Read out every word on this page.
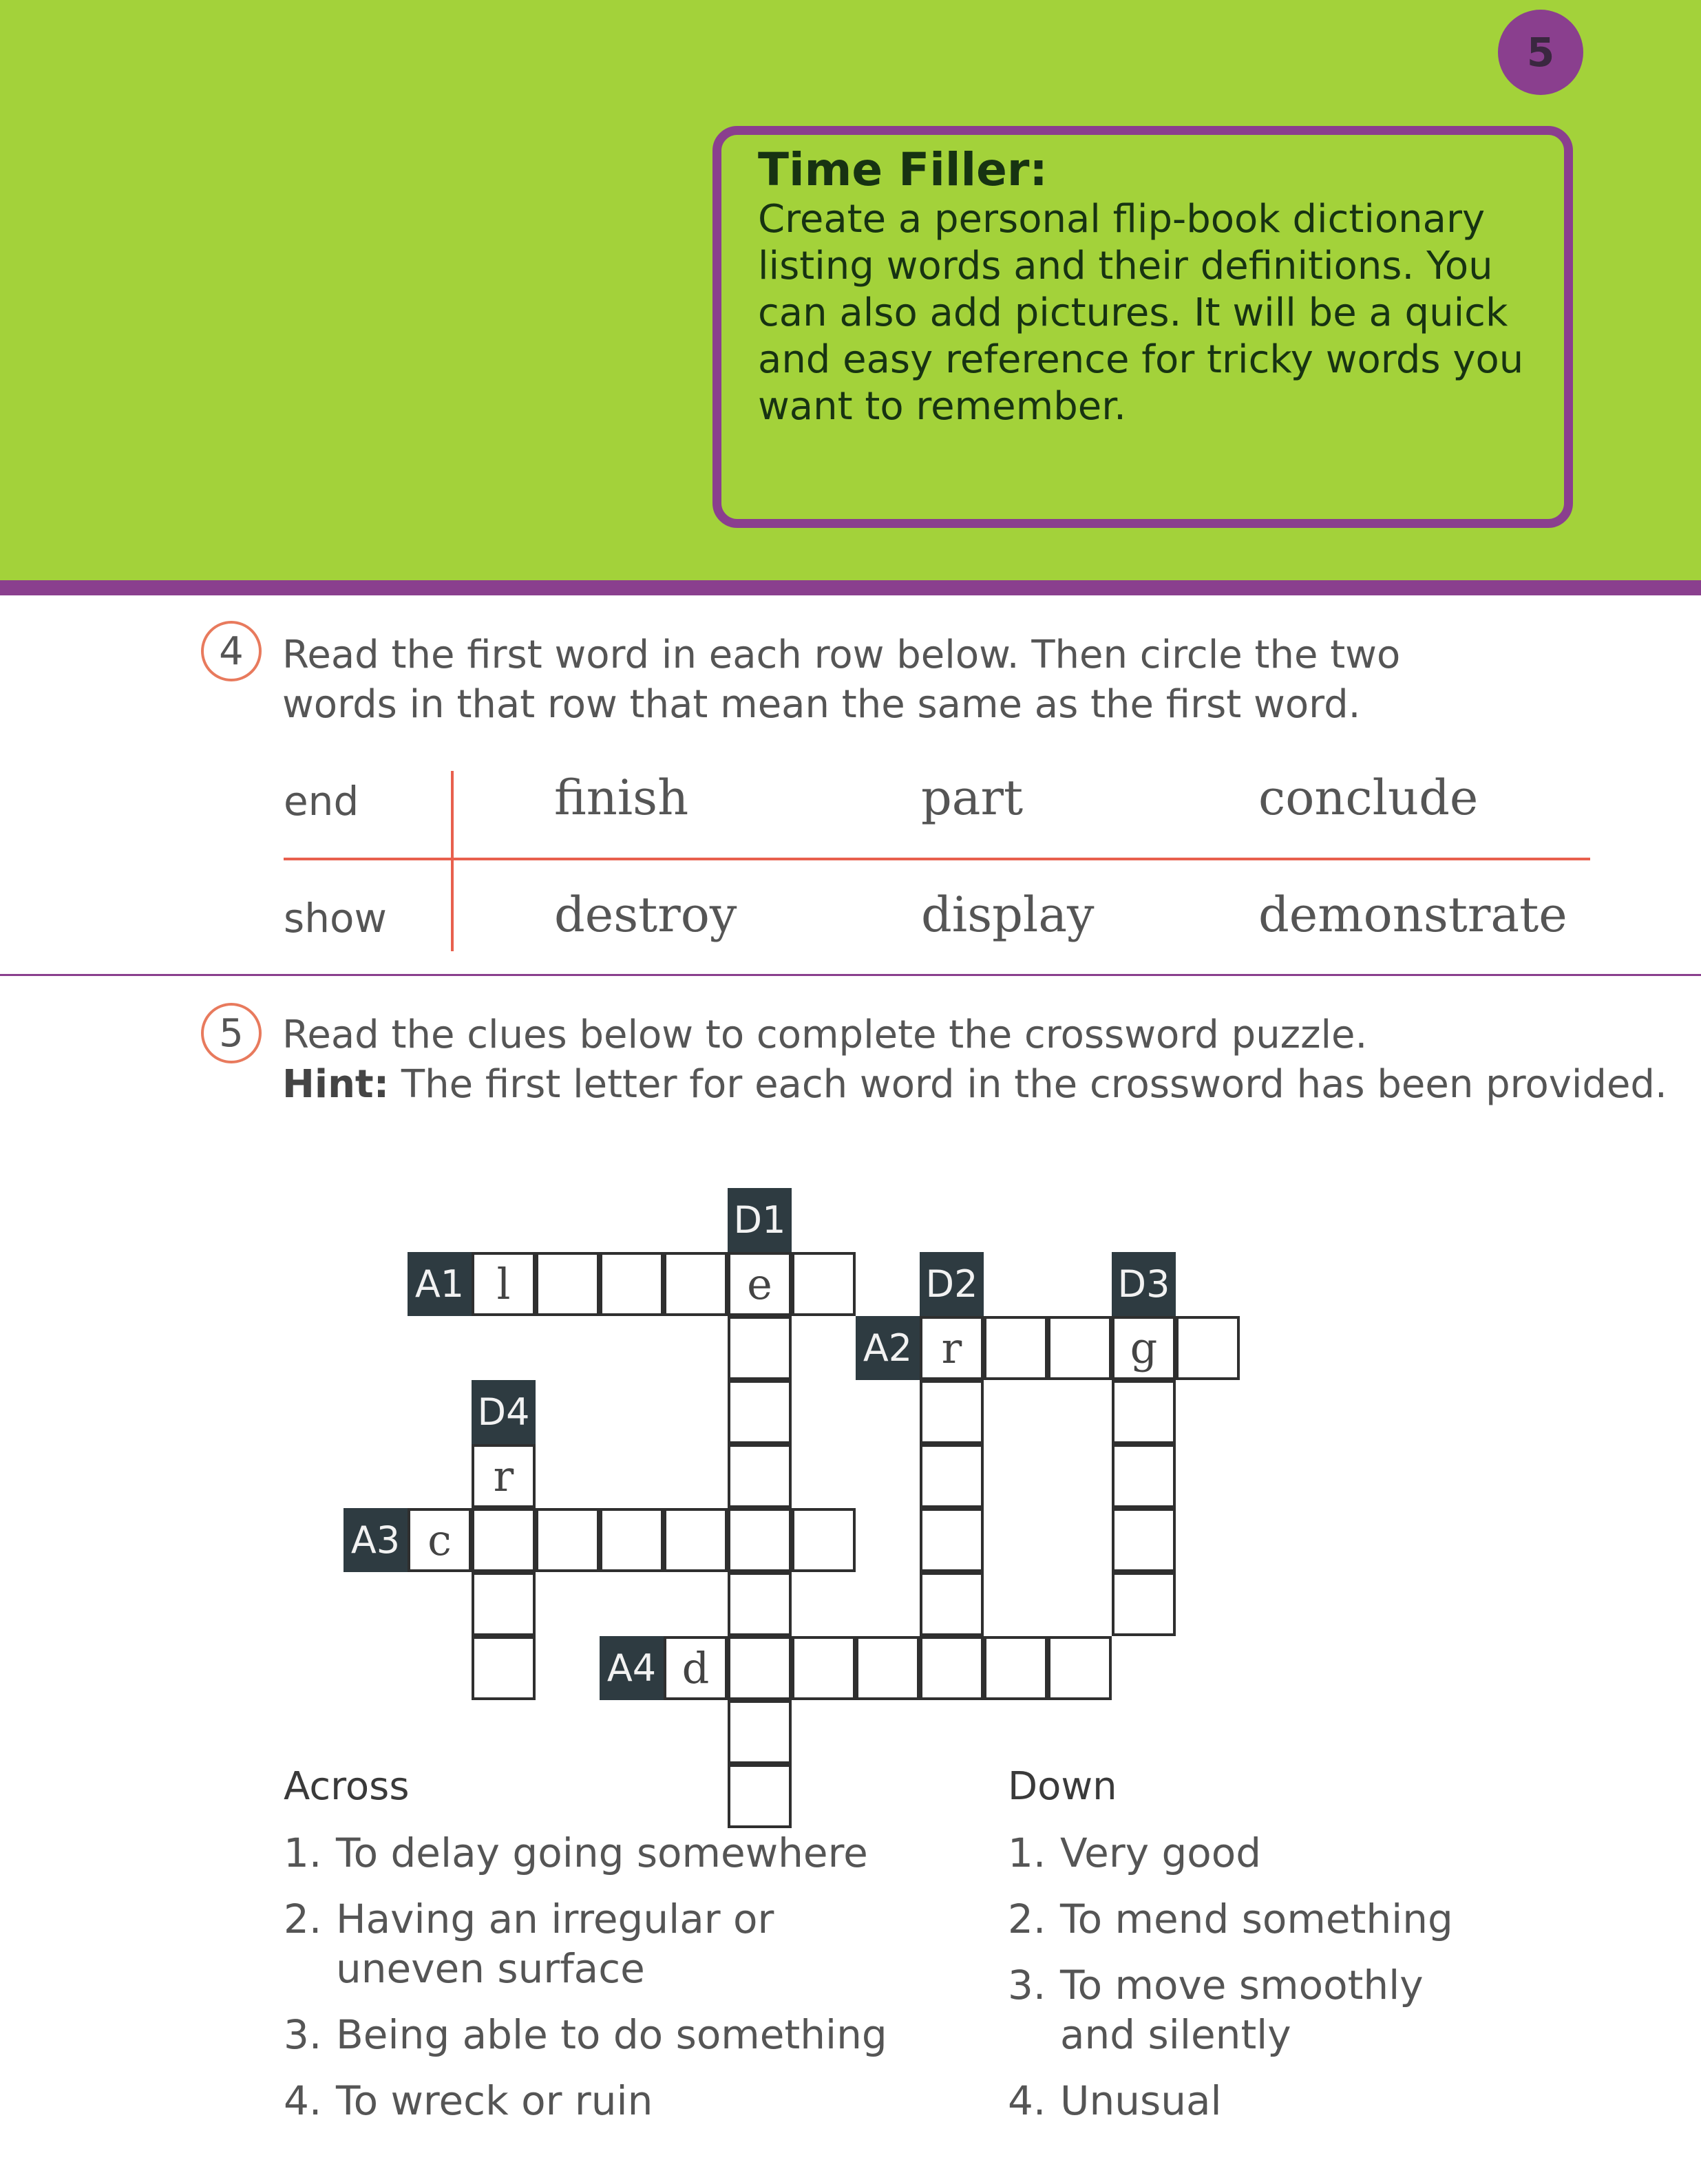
5
Time Filler:
Create a personal flip-book dictionary listing words and their definitions. You can also add pictures. It will be a quick and easy reference for tricky words you want to remember.
4	Read the first word in each row below. Then circle the two
words in that row that mean the same as the first word.
end	finish	part	conclude
show	destroy	display	demonstrate
5	Read the clues below to complete the crossword puzzle.
Hint: The first letter for each word in the crossword has been provided.
D1
A1	D2	D3
A2
D4
A3
A4
l	e
r	g
c
d
r
Across	Down
1. To delay going somewhere
2. Having an irregular or
uneven surface
3. Being able to do something
4. To wreck or ruin
1. Very good
2. To mend something
3. To move smoothly
and silently
4. Unusual
